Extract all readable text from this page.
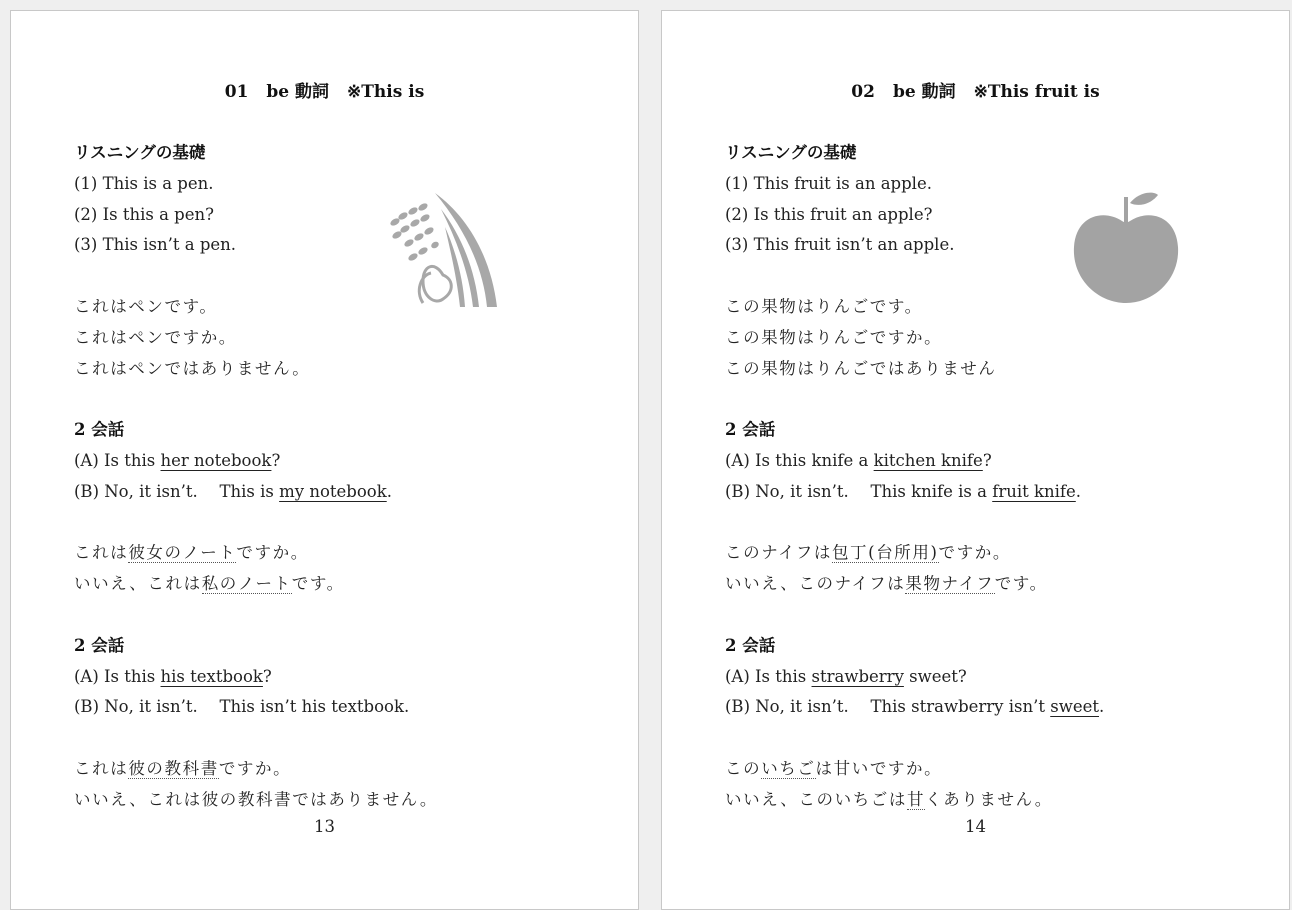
01 be 動詞 ※This is
リスニングの基礎
(1) This is a pen.
(2) Is this a pen?
(3) This isn’t a pen.
これはペンです。
これはペンですか。
これはペンではありません。
2 会話
(A) Is this her notebook?
(B) No, it isn’t.　 This is my notebook.
これは彼女のノートですか。
いいえ、これは私のノートです。
2 会話
(A) Is this his textbook?
(B) No, it isn’t.　 This isn’t his textbook.
これは彼の教科書ですか。
いいえ、これは彼の教科書ではありません。
13
02 be 動詞 ※This fruit is
リスニングの基礎
(1) This fruit is an apple.
(2) Is this fruit an apple?
(3) This fruit isn’t an apple.
この果物はりんごです。
この果物はりんごですか。
この果物はりんごではありません
2 会話
(A) Is this knife a kitchen knife?
(B) No, it isn’t.　 This knife is a fruit knife.
このナイフは包丁(台所用)ですか。
いいえ、このナイフは果物ナイフです。
2 会話
(A) Is this strawberry sweet?
(B) No, it isn’t.　 This strawberry isn’t sweet.
このいちごは甘いですか。
いいえ、このいちごは甘くありません。
14
